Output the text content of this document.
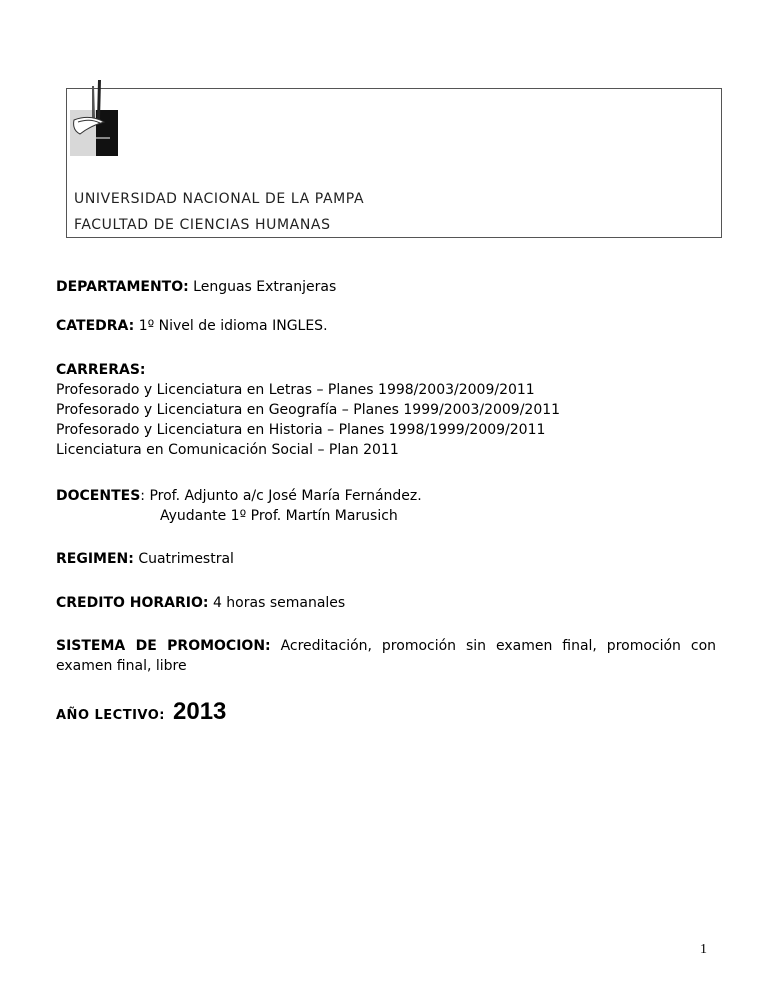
UNIVERSIDAD NACIONAL DE LA PAMPA
FACULTAD DE CIENCIAS HUMANAS
DEPARTAMENTO: Lenguas Extranjeras
CATEDRA: 1º Nivel de idioma INGLES.
CARRERAS:
Profesorado y Licenciatura en Letras – Planes 1998/2003/2009/2011
Profesorado y Licenciatura en Geografía – Planes 1999/2003/2009/2011
Profesorado y Licenciatura en Historia – Planes 1998/1999/2009/2011
Licenciatura en Comunicación Social – Plan 2011
DOCENTES: Prof. Adjunto a/c José María Fernández.
Ayudante 1º Prof. Martín Marusich
REGIMEN: Cuatrimestral
CREDITO HORARIO: 4 horas semanales
SISTEMA DE PROMOCION: Acreditación, promoción sin examen final, promoción con examen final, libre
AÑO LECTIVO: 2013
1
